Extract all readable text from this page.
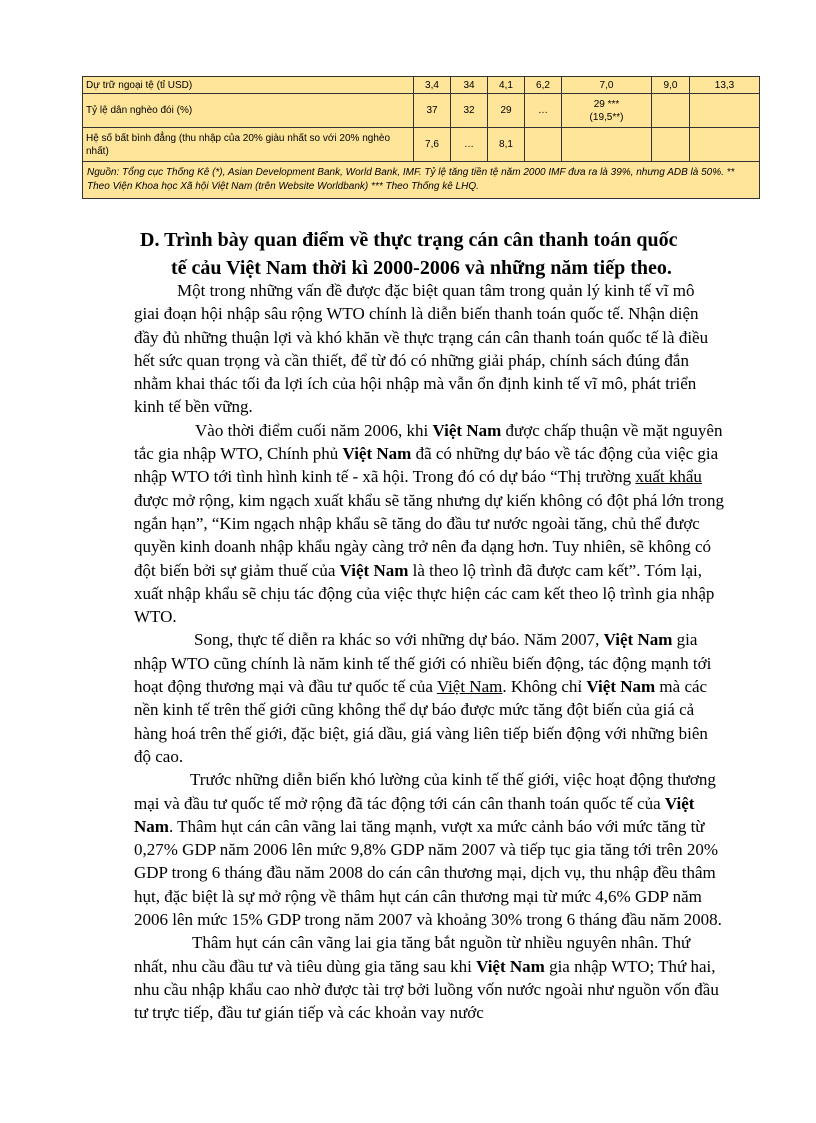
Dự trữ ngoại tệ (tỉ USD)	3,4	34	4,1	6,2	7,0	9,0	13,3
Tỷ lệ dân nghèo đói (%)	37	32	29	…	29 ***
(19,5**)		
Hệ số bất bình đẳng (thu nhập của 20% giàu nhất so với 20% nghèo nhất)	7,6	…	8,1				
Nguồn: Tổng cục Thống Kê (*), Asian Development Bank, World Bank, IMF. Tỷ lệ tăng tiền tệ năm 2000 IMF đưa ra là 39%, nhưng ADB là 50%. ** Theo Viện Khoa học Xã hội Việt Nam (trên Website Worldbank) *** Theo Thống kê LHQ.							
D. Trình bày quan điểm về thực trạng cán cân thanh toán quốc
tế cảu Việt Nam thời kì 2000-2006 và những năm tiếp theo.

Một trong những vấn đề được đặc biệt quan tâm trong quản lý kinh tế vĩ mô giai đoạn hội nhập sâu rộng WTO chính là diễn biến thanh toán quốc tế. Nhận diện đầy đủ những thuận lợi và khó khăn về thực trạng cán cân thanh toán quốc tế là điều hết sức quan trọng và cần thiết, để từ đó có những giải pháp, chính sách đúng đắn nhằm khai thác tối đa lợi ích của hội nhập mà vẫn ổn định kinh tế vĩ mô, phát triển kinh tế bền vững.

Vào thời điểm cuối năm 2006, khi Việt Nam được chấp thuận về mặt nguyên tắc gia nhập WTO, Chính phủ Việt Nam đã có những dự báo về tác động của việc gia nhập WTO tới tình hình kinh tế - xã hội. Trong đó có dự báo “Thị trường xuất khẩu được mở rộng, kim ngạch xuất khẩu sẽ tăng nhưng dự kiến không có đột phá lớn trong ngắn hạn”, “Kim ngạch nhập khẩu sẽ tăng do đầu tư nước ngoài tăng, chủ thể được quyền kinh doanh nhập khẩu ngày càng trở nên đa dạng hơn. Tuy nhiên, sẽ không có đột biến bởi sự giảm thuế của Việt Nam là theo lộ trình đã được cam kết”. Tóm lại, xuất nhập khẩu sẽ chịu tác động của việc thực hiện các cam kết theo lộ trình gia nhập WTO.

Song, thực tế diễn ra khác so với những dự báo. Năm 2007, Việt Nam gia nhập WTO cũng chính là năm kinh tế thế giới có nhiều biến động, tác động mạnh tới hoạt động thương mại và đầu tư quốc tế của Việt Nam. Không chỉ Việt Nam mà các nền kinh tế trên thế giới cũng không thể dự báo được mức tăng đột biến của giá cả hàng hoá trên thế giới, đặc biệt, giá dầu, giá vàng liên tiếp biến động với những biên độ cao.

Trước những diễn biến khó lường của kinh tế thế giới, việc hoạt động thương mại và đầu tư quốc tế mở rộng đã tác động tới cán cân thanh toán quốc tế của Việt Nam. Thâm hụt cán cân vãng lai tăng mạnh, vượt xa mức cảnh báo với mức tăng từ 0,27% GDP năm 2006 lên mức 9,8% GDP năm 2007 và tiếp tục gia tăng tới trên 20% GDP trong 6 tháng đầu năm 2008 do cán cân thương mại, dịch vụ, thu nhập đều thâm hụt, đặc biệt là sự mở rộng về thâm hụt cán cân thương mại từ mức 4,6% GDP năm 2006 lên mức 15% GDP trong năm 2007 và khoảng 30% trong 6 tháng đầu năm 2008.

Thâm hụt cán cân vãng lai gia tăng bắt nguồn từ nhiều nguyên nhân. Thứ nhất, nhu cầu đầu tư và tiêu dùng gia tăng sau khi Việt Nam gia nhập WTO; Thứ hai, nhu cầu nhập khẩu cao nhờ được tài trợ bởi luồng vốn nước ngoài như nguồn vốn đầu tư trực tiếp, đầu tư gián tiếp và các khoản vay nước
